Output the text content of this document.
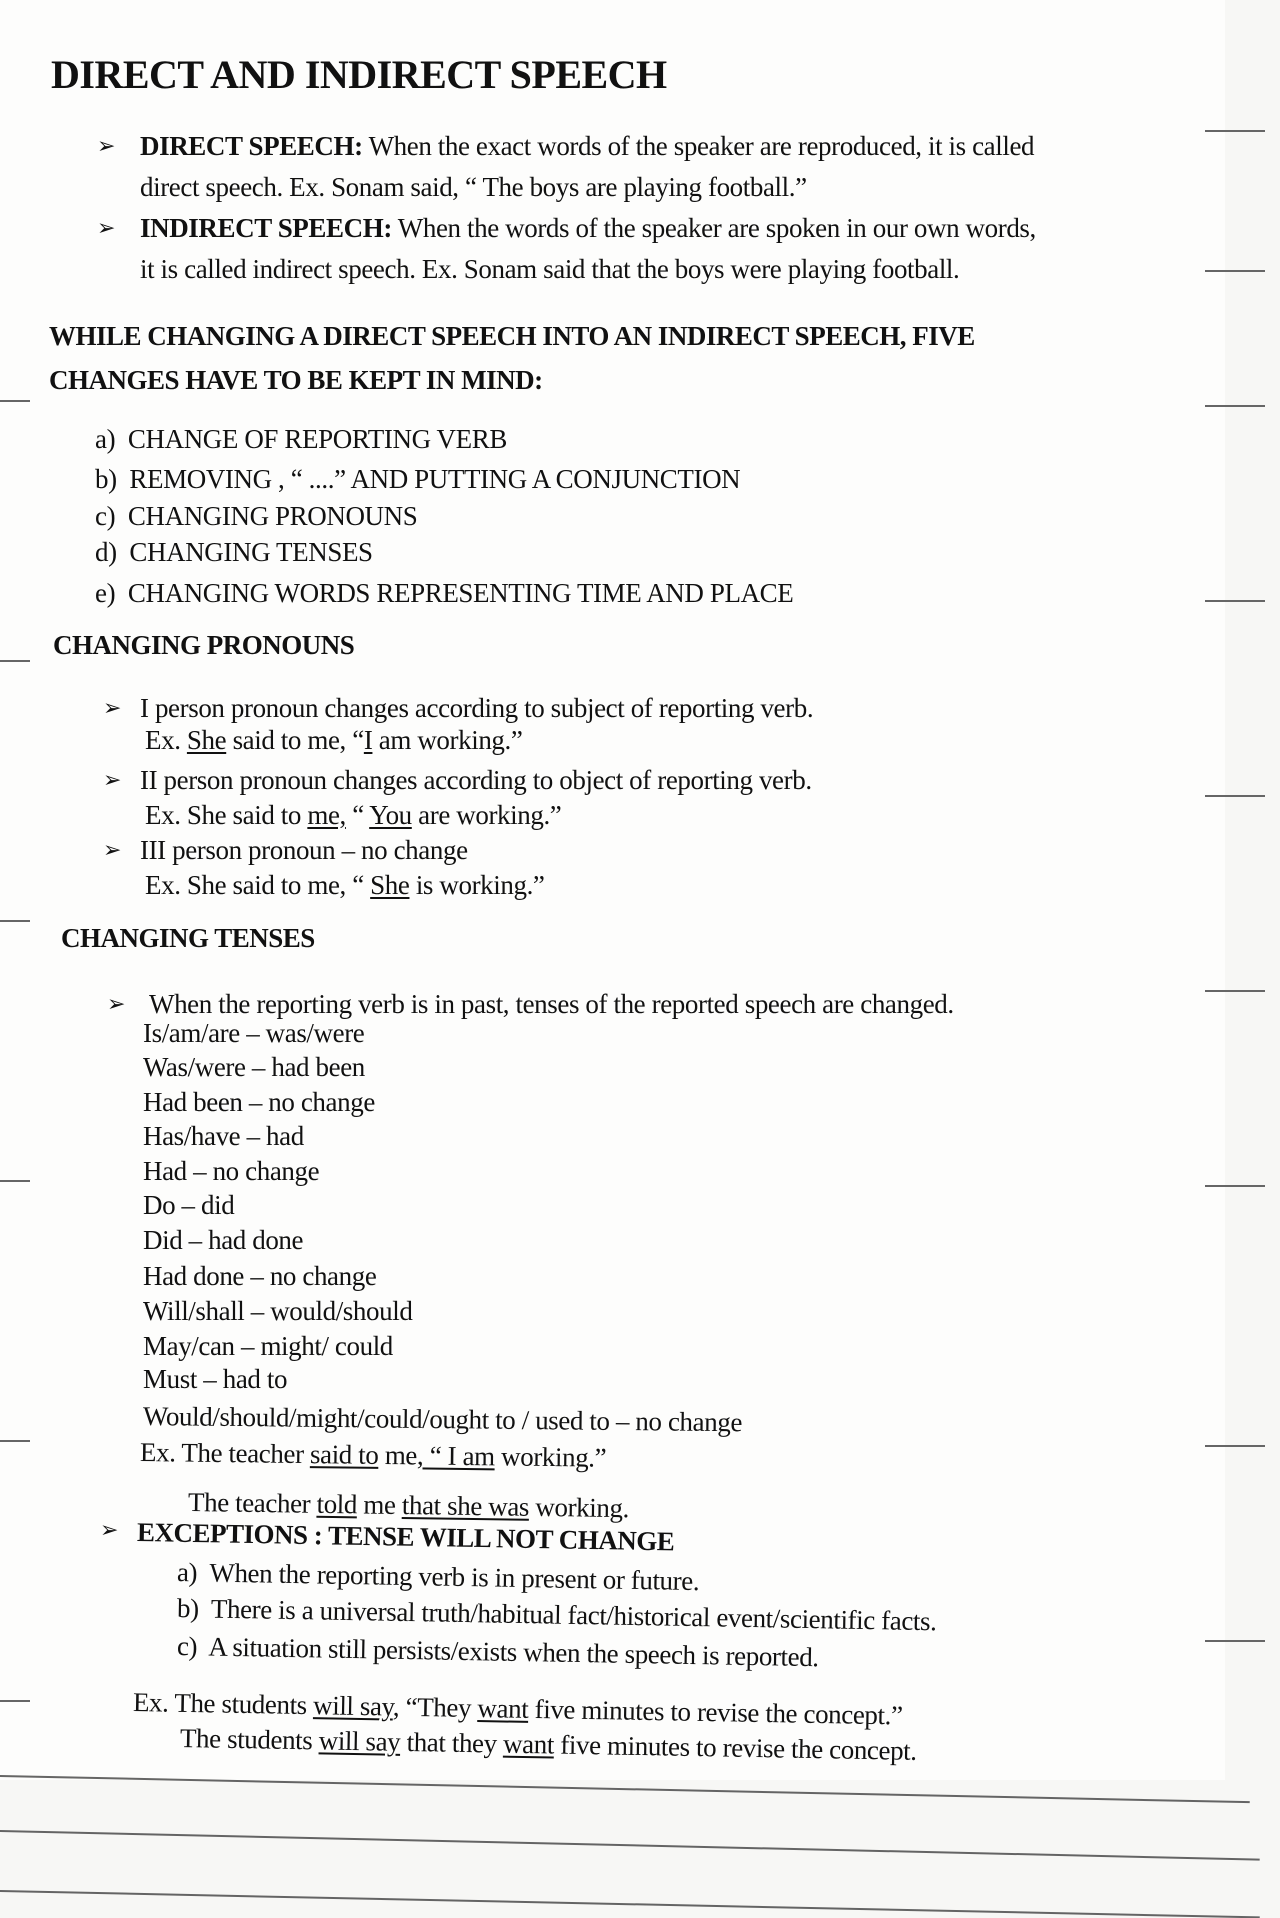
DIRECT AND INDIRECT SPEECH
➢ DIRECT SPEECH: When the exact words of the speaker are reproduced, it is called
direct speech. Ex. Sonam said, “ The boys are playing football.”
➢ INDIRECT SPEECH: When the words of the speaker are spoken in our own words,
it is called indirect speech. Ex. Sonam said that the boys were playing football.
WHILE CHANGING A DIRECT SPEECH INTO AN INDIRECT SPEECH, FIVE
CHANGES HAVE TO BE KEPT IN MIND:
a) CHANGE OF REPORTING VERB
b) REMOVING , “ ....” AND PUTTING A CONJUNCTION
c) CHANGING PRONOUNS
d) CHANGING TENSES
e) CHANGING WORDS REPRESENTING TIME AND PLACE
CHANGING PRONOUNS
➢ I person pronoun changes according to subject of reporting verb.
Ex. She said to me, “I am working.”
➢ II person pronoun changes according to object of reporting verb.
Ex. She said to me, “ You are working.”
➢ III person pronoun – no change
Ex. She said to me, “ She is working.”
CHANGING TENSES
➢ When the reporting verb is in past, tenses of the reported speech are changed.
Is/am/are – was/were
Was/were – had been
Had been – no change
Has/have – had
Had – no change
Do – did
Did – had done
Had done – no change
Will/shall – would/should
May/can – might/ could
Must – had to
Would/should/might/could/ought to / used to – no change
Ex. The teacher said to me, “ I am working.”
The teacher told me that she was working.
➢ EXCEPTIONS : TENSE WILL NOT CHANGE
a) When the reporting verb is in present or future.
b) There is a universal truth/habitual fact/historical event/scientific facts.
c) A situation still persists/exists when the speech is reported.
Ex. The students will say, “They want five minutes to revise the concept.”
The students will say that they want five minutes to revise the concept.
